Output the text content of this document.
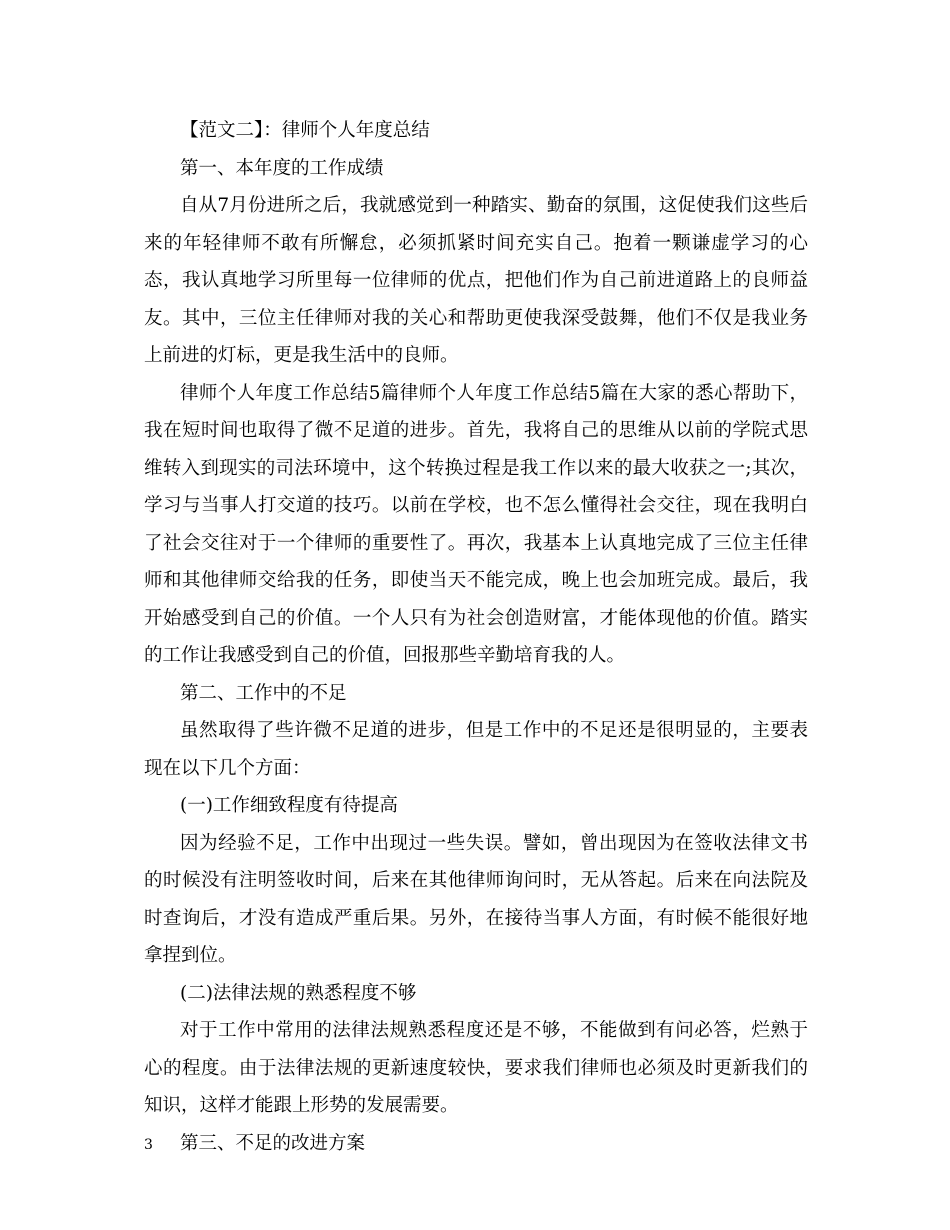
【范文二】：律师个人年度总结

第一、本年度的工作成绩

自从7月份进所之后，我就感觉到一种踏实、勤奋的氛围，这促使我们这些后来的年轻律师不敢有所懈怠，必须抓紧时间充实自己。抱着一颗谦虚学习的心态，我认真地学习所里每一位律师的优点，把他们作为自己前进道路上的良师益友。其中，三位主任律师对我的关心和帮助更使我深受鼓舞，他们不仅是我业务上前进的灯标，更是我生活中的良师。

律师个人年度工作总结5篇律师个人年度工作总结5篇在大家的悉心帮助下，我在短时间也取得了微不足道的进步。首先，我将自己的思维从以前的学院式思维转入到现实的司法环境中，这个转换过程是我工作以来的最大收获之一;其次，学习与当事人打交道的技巧。以前在学校，也不怎么懂得社会交往，现在我明白了社会交往对于一个律师的重要性了。再次，我基本上认真地完成了三位主任律师和其他律师交给我的任务，即使当天不能完成，晚上也会加班完成。最后，我开始感受到自己的价值。一个人只有为社会创造财富，才能体现他的价值。踏实的工作让我感受到自己的价值，回报那些辛勤培育我的人。

第二、工作中的不足

虽然取得了些许微不足道的进步，但是工作中的不足还是很明显的，主要表现在以下几个方面：

(一)工作细致程度有待提高

因为经验不足，工作中出现过一些失误。譬如，曾出现因为在签收法律文书的时候没有注明签收时间，后来在其他律师询问时，无从答起。后来在向法院及时查询后，才没有造成严重后果。另外，在接待当事人方面，有时候不能很好地拿捏到位。

(二)法律法规的熟悉程度不够

对于工作中常用的法律法规熟悉程度还是不够，不能做到有问必答，烂熟于心的程度。由于法律法规的更新速度较快，要求我们律师也必须及时更新我们的知识，这样才能跟上形势的发展需要。

第三、不足的改进方案

3
